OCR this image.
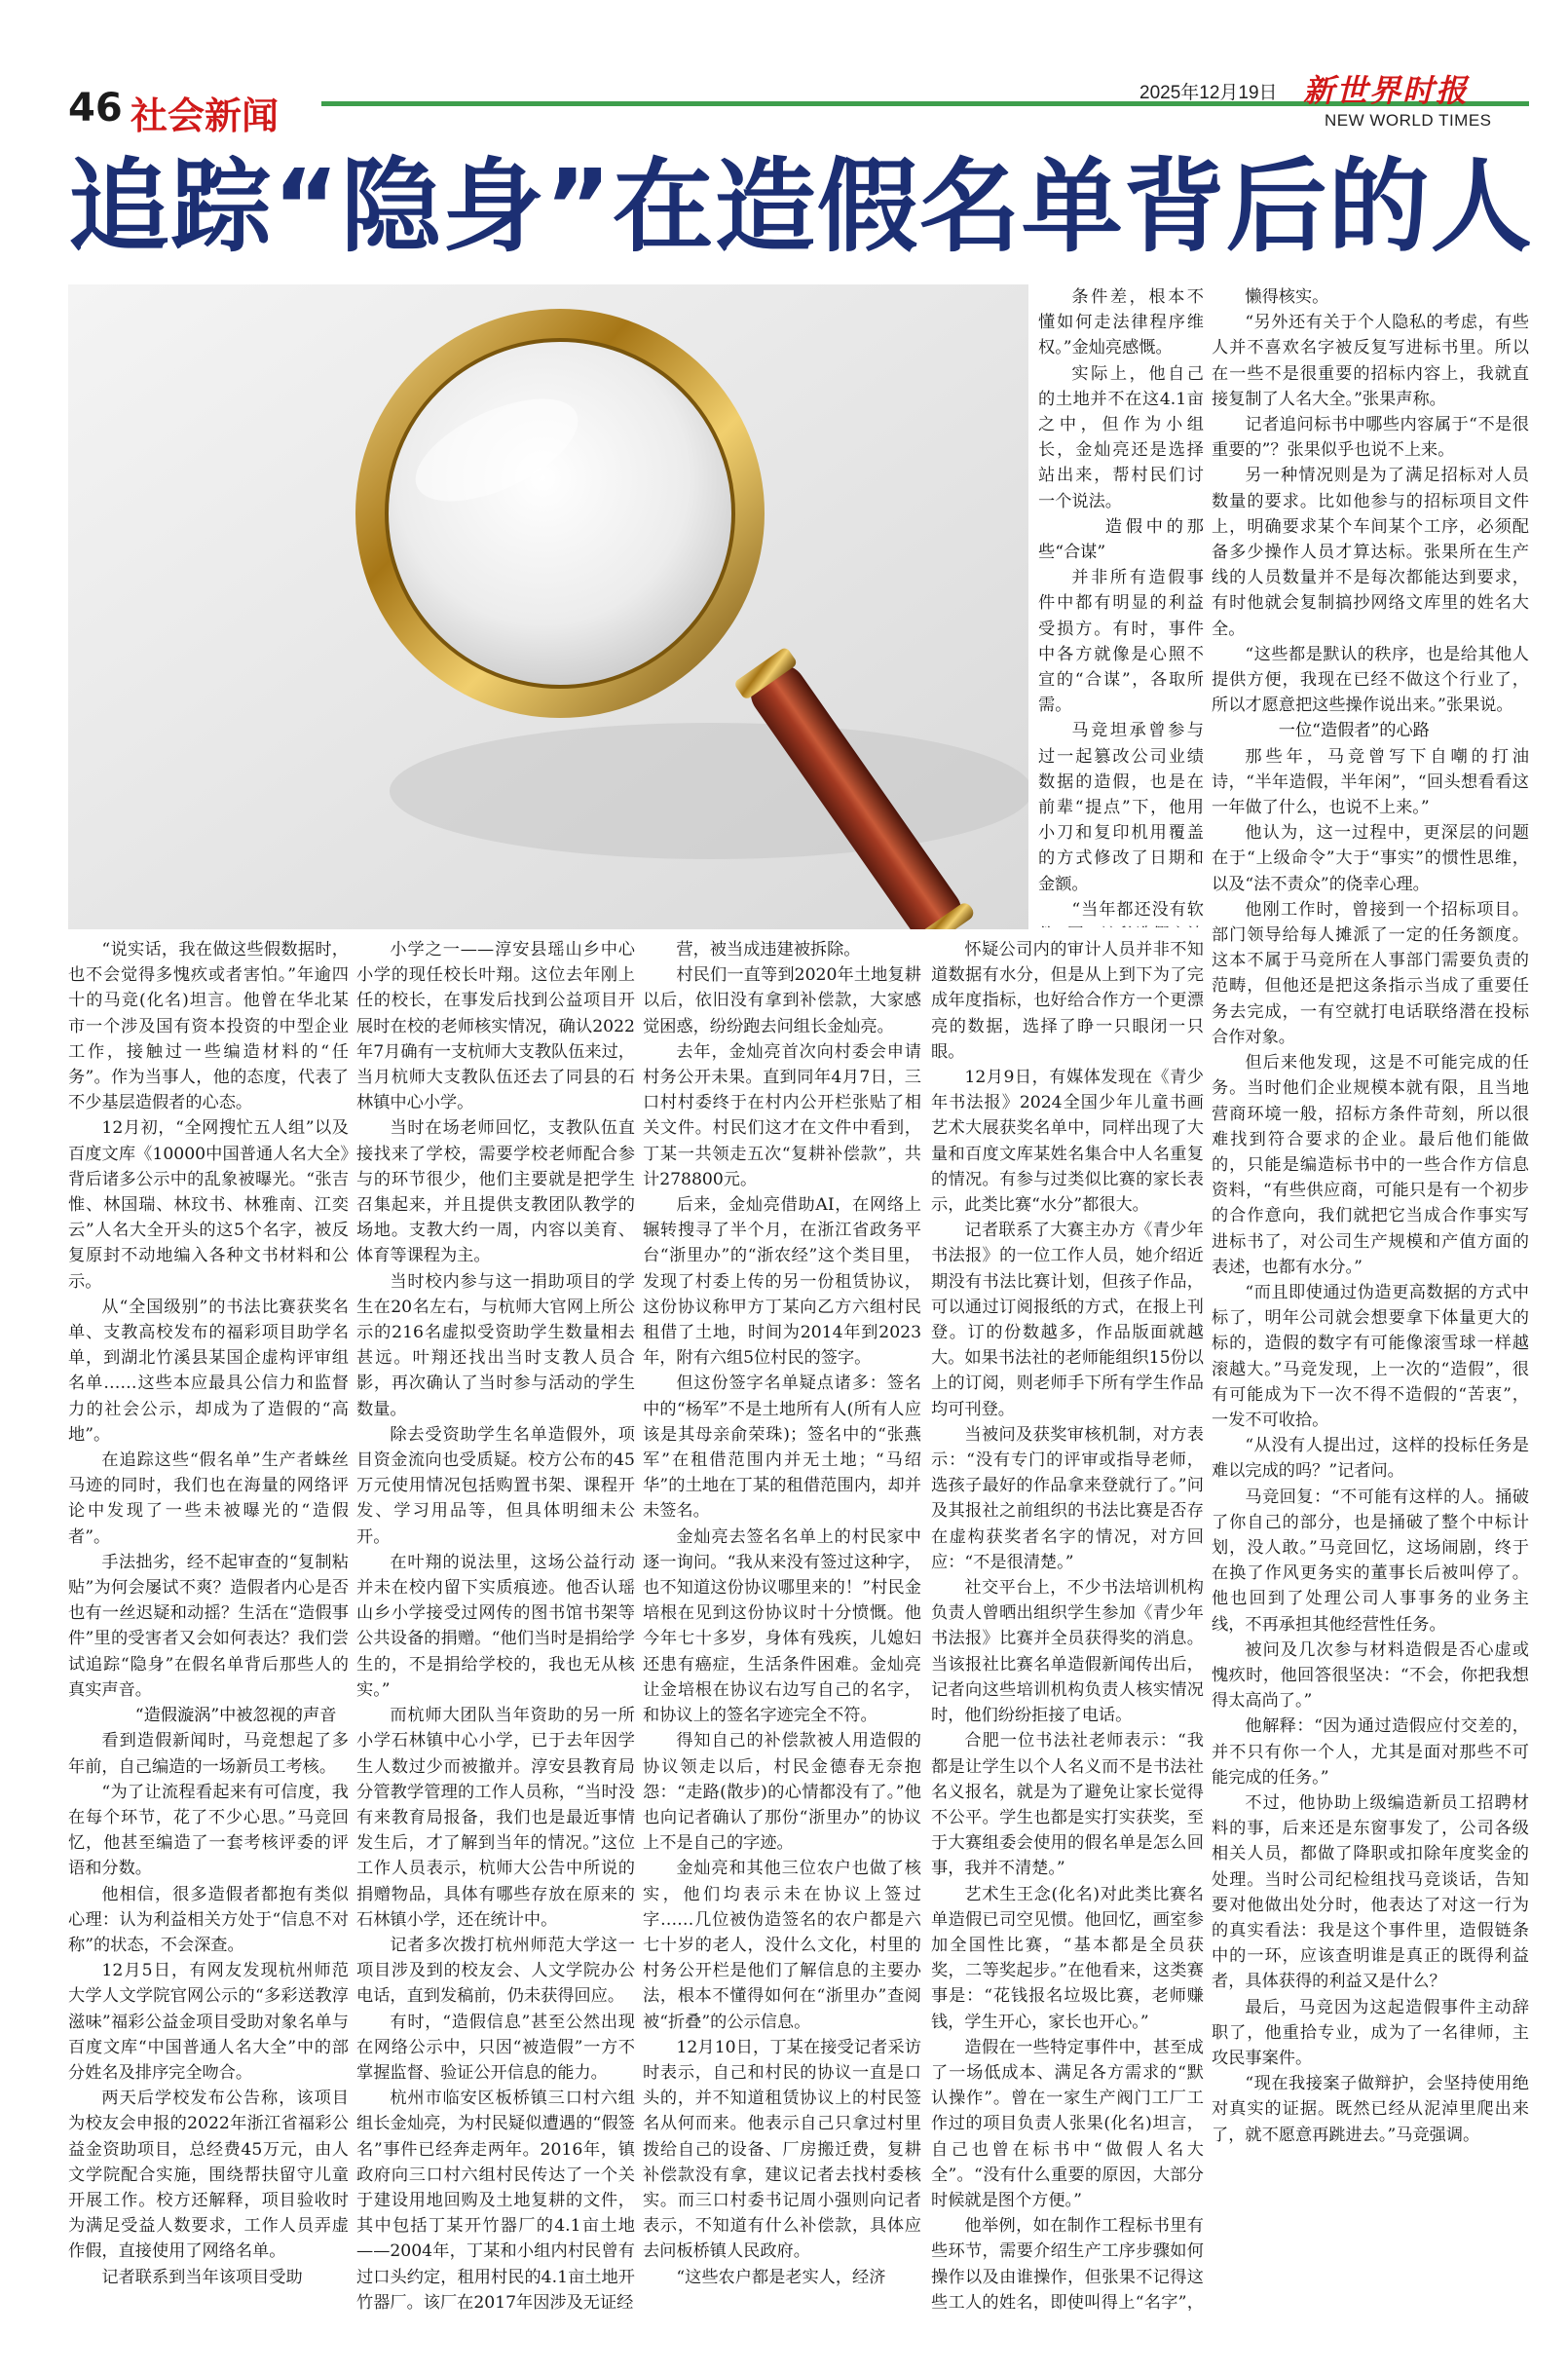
46 社会新闻
2025年12月19日 新世界时报
NEW WORLD TIMES
追踪“隐身”在造假名单背后的人

“说实话，我在做这些假数据时，也不会觉得多愧疚或者害怕。”年逾四十的马竞(化名)坦言。他曾在华北某市一个涉及国有资本投资的中型企业工作，接触过一些编造材料的“任务”。作为当事人，他的态度，代表了不少基层造假者的心态。

12月初，“全网搜忙五人组”以及百度文库《10000中国普通人名大全》背后诸多公示中的乱象被曝光。“张吉惟、林国瑞、林玟书、林雅南、江奕云”人名大全开头的这5个名字，被反复原封不动地编入各种文书材料和公示。

从“全国级别”的书法比赛获奖名单、支教高校发布的福彩项目助学名单，到湖北竹溪县某国企虚构评审组名单……这些本应最具公信力和监督力的社会公示，却成为了造假的“高地”。

在追踪这些“假名单”生产者蛛丝马迹的同时，我们也在海量的网络评论中发现了一些未被曝光的“造假者”。

手法拙劣，经不起审查的“复制粘贴”为何会屡试不爽？造假者内心是否也有一丝迟疑和动摇？生活在“造假事件”里的受害者又会如何表达？我们尝试追踪“隐身”在假名单背后那些人的真实声音。

“造假漩涡”中被忽视的声音

看到造假新闻时，马竞想起了多年前，自己编造的一场新员工考核。

“为了让流程看起来有可信度，我在每个环节，花了不少心思。”马竞回忆，他甚至编造了一套考核评委的评语和分数。

他相信，很多造假者都抱有类似心理：认为利益相关方处于“信息不对称”的状态，不会深查。

12月5日，有网友发现杭州师范大学人文学院官网公示的“多彩送教淳滋味”福彩公益金项目受助对象名单与百度文库“中国普通人名大全”中的部分姓名及排序完全吻合。

两天后学校发布公告称，该项目为校友会申报的2022年浙江省福彩公益金资助项目，总经费45万元，由人文学院配合实施，围绕帮扶留守儿童开展工作。校方还解释，项目验收时为满足受益人数要求，工作人员弄虚作假，直接使用了网络名单。

记者联系到当年该项目受助

小学之一——淳安县瑶山乡中心小学的现任校长叶翔。这位去年刚上任的校长，在事发后找到公益项目开展时在校的老师核实情况，确认2022年7月确有一支杭师大支教队伍来过，当月杭师大支教队伍还去了同县的石林镇中心小学。

当时在场老师回忆，支教队伍直接找来了学校，需要学校老师配合参与的环节很少，他们主要就是把学生召集起来，并且提供支教团队教学的场地。支教大约一周，内容以美育、体育等课程为主。

当时校内参与这一捐助项目的学生在20名左右，与杭师大官网上所公示的216名虚拟受资助学生数量相去甚远。叶翔还找出当时支教人员合影，再次确认了当时参与活动的学生数量。

除去受资助学生名单造假外，项目资金流向也受质疑。校方公布的45万元使用情况包括购置书架、课程开发、学习用品等，但具体明细未公开。

在叶翔的说法里，这场公益行动并未在校内留下实质痕迹。他否认瑶山乡小学接受过网传的图书馆书架等公共设备的捐赠。“他们当时是捐给学生的，不是捐给学校的，我也无从核实。”

而杭师大团队当年资助的另一所小学石林镇中心小学，已于去年因学生人数过少而被撤并。淳安县教育局分管教学管理的工作人员称，“当时没有来教育局报备，我们也是最近事情发生后，才了解到当年的情况。”这位工作人员表示，杭师大公告中所说的捐赠物品，具体有哪些存放在原来的石林镇小学，还在统计中。

记者多次拨打杭州师范大学这一项目涉及到的校友会、人文学院办公电话，直到发稿前，仍未获得回应。

有时，“造假信息”甚至公然出现在网络公示中，只因“被造假”一方不掌握监督、验证公开信息的能力。

杭州市临安区板桥镇三口村六组组长金灿亮，为村民疑似遭遇的“假签名”事件已经奔走两年。2016年，镇政府向三口村六组村民传达了一个关于建设用地回购及土地复耕的文件，其中包括丁某开竹器厂的4.1亩土地——2004年，丁某和小组内村民曾有过口头约定，租用村民的4.1亩土地开竹器厂。该厂在2017年因涉及无证经

营，被当成违建被拆除。

村民们一直等到2020年土地复耕以后，依旧没有拿到补偿款，大家感觉困惑，纷纷跑去问组长金灿亮。

去年，金灿亮首次向村委会申请村务公开未果。直到同年4月7日，三口村村委终于在村内公开栏张贴了相关文件。村民们这才在文件中看到，丁某一共领走五次“复耕补偿款”，共计278800元。

后来，金灿亮借助AI，在网络上辗转搜寻了半个月，在浙江省政务平台“浙里办”的“浙农经”这个类目里，发现了村委上传的另一份租赁协议，这份协议称甲方丁某向乙方六组村民租借了土地，时间为2014年到2023年，附有六组5位村民的签字。

但这份签字名单疑点诸多：签名中的“杨军”不是土地所有人(所有人应该是其母亲俞荣珠)；签名中的“张燕军”在租借范围内并无土地；“马绍华”的土地在丁某的租借范围内，却并未签名。

金灿亮去签名名单上的村民家中逐一询问。“我从来没有签过这种字，也不知道这份协议哪里来的！”村民金培根在见到这份协议时十分愤慨。他今年七十多岁，身体有残疾，儿媳妇还患有癌症，生活条件困难。金灿亮让金培根在协议右边写自己的名字，和协议上的签名字迹完全不符。

得知自己的补偿款被人用造假的协议领走以后，村民金德春无奈抱怨：“走路(散步)的心情都没有了。”他也向记者确认了那份“浙里办”的协议上不是自己的字迹。

金灿亮和其他三位农户也做了核实，他们均表示未在协议上签过字……几位被伪造签名的农户都是六七十岁的老人，没什么文化，村里的村务公开栏是他们了解信息的主要办法，根本不懂得如何在“浙里办”查阅被“折叠”的公示信息。

12月10日，丁某在接受记者采访时表示，自己和村民的协议一直是口头的，并不知道租赁协议上的村民签名从何而来。他表示自己只拿过村里拨给自己的设备、厂房搬迁费，复耕补偿款没有拿，建议记者去找村委核实。而三口村委书记周小强则向记者表示，不知道有什么补偿款，具体应去问板桥镇人民政府。

“这些农户都是老实人，经济

条件差，根本不懂如何走法律程序维权。”金灿亮感慨。

实际上，他自己的土地并不在这4.1亩之中，但作为小组长，金灿亮还是选择站出来，帮村民们讨一个说法。

造假中的那些“合谋”

并非所有造假事件中都有明显的利益受损方。有时，事件中各方就像是心照不宣的“合谋”，各取所需。

马竞坦承曾参与过一起篡改公司业绩数据的造假，也是在前辈“提点”下，他用小刀和复印机用覆盖的方式修改了日期和金额。

“当年都还没有软

怀疑公司内的审计人员并非不知道数据有水分，但是从上到下为了完成年度指标，也好给合作方一个更漂亮的数据，选择了睁一只眼闭一只眼。

12月9日，有媒体发现在《青少年书法报》2024全国少年儿童书画艺术大展获奖名单中，同样出现了大量和百度文库某姓名集合中人名重复的情况。有参与过类似比赛的家长表示，此类比赛“水分”都很大。

记者联系了大赛主办方《青少年书法报》的一位工作人员，她介绍近期没有书法比赛计划，但孩子作品，可以通过订阅报纸的方式，在报上刊登。订的份数越多，作品版面就越大。如果书法社的老师能组织15份以上的订阅，则老师手下所有学生作品均可刊登。

当被问及获奖审核机制，对方表示：“没有专门的评审或指导老师，选孩子最好的作品拿来登就行了。”问及其报社之前组织的书法比赛是否存在虚构获奖者名字的情况，对方回应：“不是很清楚。”

社交平台上，不少书法培训机构负责人曾晒出组织学生参加《青少年书法报》比赛并全员获得奖的消息。当该报社比赛名单造假新闻传出后，记者向这些培训机构负责人核实情况时，他们纷纷拒接了电话。

合肥一位书法社老师表示：“我都是让学生以个人名义而不是书法社名义报名，就是为了避免让家长觉得不公平。学生也都是实打实获奖，至于大赛组委会使用的假名单是怎么回事，我并不清楚。”

艺术生王念(化名)对此类比赛名单造假已司空见惯。他回忆，画室参加全国性比赛，“基本都是全员获奖，二等奖起步。”在他看来，这类赛事是：“花钱报名垃圾比赛，老师赚钱，学生开心，家长也开心。”

造假在一些特定事件中，甚至成了一场低成本、满足各方需求的“默认操作”。曾在一家生产阀门工厂工作过的项目负责人张果(化名)坦言，自己也曾在标书中“做假人名大全”。“没有什么重要的原因，大部分时候就是图个方便。”

他举例，如在制作工程标书里有些环节，需要介绍生产工序步骤如何操作以及由谁操作，但张果不记得这些工人的姓名，即使叫得上“名字”，

懒得核实。

“另外还有关于个人隐私的考虑，有些人并不喜欢名字被反复写进标书里。所以在一些不是很重要的招标内容上，我就直接复制了人名大全。”张果声称。

记者追问标书中哪些内容属于“不是很重要的”？张果似乎也说不上来。

另一种情况则是为了满足招标对人员数量的要求。比如他参与的招标项目文件上，明确要求某个车间某个工序，必须配备多少操作人员才算达标。张果所在生产线的人员数量并不是每次都能达到要求，有时他就会复制搞抄网络文库里的姓名大全。

“这些都是默认的秩序，也是给其他人提供方便，我现在已经不做这个行业了，所以才愿意把这些操作说出来。”张果说。

一位“造假者”的心路

那些年，马竞曾写下自嘲的打油诗，“半年造假，半年闲”，“回头想看看这一年做了什么，也说不上来。”

他认为，这一过程中，更深层的问题在于“上级命令”大于“事实”的惯性思维，以及“法不责众”的侥幸心理。

他刚工作时，曾接到一个招标项目。部门领导给每人摊派了一定的任务额度。这本不属于马竞所在人事部门需要负责的范畴，但他还是把这条指示当成了重要任务去完成，一有空就打电话联络潜在投标合作对象。

但后来他发现，这是不可能完成的任务。当时他们企业规模本就有限，且当地营商环境一般，招标方条件苛刻，所以很难找到符合要求的企业。最后他们能做的，只能是编造标书中的一些合作方信息资料，“有些供应商，可能只是有一个初步的合作意向，我们就把它当成合作事实写进标书了，对公司生产规模和产值方面的表述，也都有水分。”

“而且即使通过伪造更高数据的方式中标了，明年公司就会想要拿下体量更大的标的，造假的数字有可能像滚雪球一样越滚越大。”马竞发现，上一次的“造假”，很有可能成为下一次不得不造假的“苦衷”，一发不可收拾。

“从没有人提出过，这样的投标任务是难以完成的吗？”记者问。

马竞回复：“不可能有这样的人。捅破了你自己的部分，也是捅破了整个中标计划，没人敢。”马竞回忆，这场闹剧，终于在换了作风更务实的董事长后被叫停了。他也回到了处理公司人事事务的业务主线，不再承担其他经营性任务。

被问及几次参与材料造假是否心虚或愧疚时，他回答很坚决：“不会，你把我想得太高尚了。”

他解释：“因为通过造假应付交差的，并不只有你一个人，尤其是面对那些不可能完成的任务。”

不过，他协助上级编造新员工招聘材料的事，后来还是东窗事发了，公司各级相关人员，都做了降职或扣除年度奖金的处理。当时公司纪检组找马竞谈话，告知要对他做出处分时，他表达了对这一行为的真实看法：我是这个事件里，造假链条中的一环，应该查明谁是真正的既得利益者，具体获得的利益又是什么？

最后，马竞因为这起造假事件主动辞职了，他重拾专业，成为了一名律师，主攻民事案件。

“现在我接案子做辩护，会坚持使用绝对真实的证据。既然已经从泥淖里爬出来了，就不愿意再跳进去。”马竞强调。
